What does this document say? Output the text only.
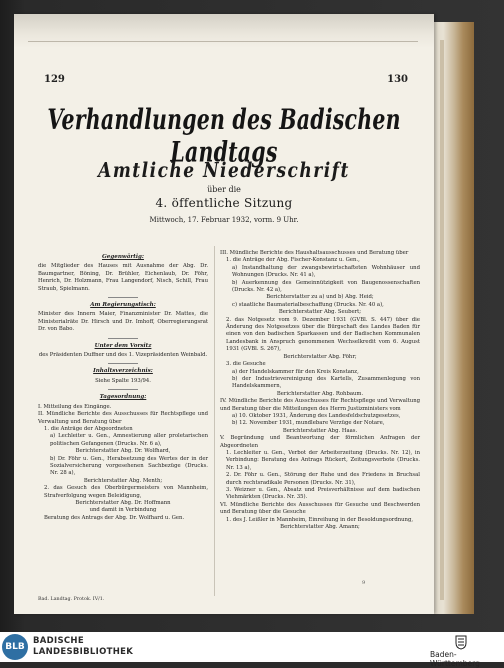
129	130
Verhandlungen des Badischen Landtags
Amtliche Niederschrift
über die
4. öffentliche Sitzung
Mittwoch, 17. Februar 1932, vorm. 9 Uhr.
Gegenwärtig:
die Mitglieder des Hauses mit Ausnahme der Abg. Dr. Baumgartner, Böning, Dr. Brühler, Eichenlaub, Dr. Föhr, Henrich, Dr. Holzmann, Frau Langendorf, Nisch, Schill, Frau Straub, Spielmann.
Am Regierungstisch:
Minister des Innern Maier, Finanzminister Dr. Mattes, die Ministerialräte Dr. Hirsch und Dr. Imhoff, Oberregierungsrat Dr. von Babo.
Unter dem Vorsitz
des Präsidenten Duffner und des 1. Vizepräsidenten Weinbald.
Inhaltsverzeichnis:
Siehe Spalte 193/94.
Tagesordnung:
I. Mitteilung des Eingänge.
II. Mündliche Berichte des Ausschusses für Rechtspflege und Verwaltung und Beratung über
1. die Anträge der Abgeordneten
a) Lechleiter u. Gen., Amnestierung aller proletarischen politischen Gefangenen (Drucks. Nr. 6 a),
Berichterstatter Abg. Dr. Wolfhard,
b) Dr. Föhr u. Gen., Herabsetzung des Wertes der in der Sozialversicherung vorgesehenen Sachbezüge (Drucks. Nr. 28 a),
Berichterstatter Abg. Menth;
2. das Gesuch des Oberbürgermeisters von Mannheim, Strafverfolgung wegen Beleidigung,
Berichterstatter Abg. Dr. Hoffmann
und damit in Verbindung
Beratung des Antrags der Abg. Dr. Wolfhard u. Gen.
III. Mündliche Berichte des Haushaltsausschusses und Beratung über
1. die Anträge der Abg. Fischer-Konstanz u. Gen.,
a) Instandhaltung der zwangsbewirtschafteten Wohnhäuser und Wohnungen (Drucks. Nr. 41 a),
b) Auerkennung des Gemeinnützigkeit von Baugenossenschaften (Drucks. Nr. 42 a),
Berichterstatter zu a) und b) Abg. Heid;
c) staatliche Baumaterialbeschaffung (Drucks. Nr. 40 a),
Berichterstatter Abg. Seubert;
2. das Notgesetz vom 9. Dezember 1931 (GVBl. S. 447) über die Änderung des Notgesetzes über die Bürgschaft des Landes Baden für einen von den badischen Sparkassen und der Badischen Kommunalen Landesbank in Anspruch genommenen Wechselkredit vom 6. August 1931 (GVBl. S. 267),
Berichterstatter Abg. Föhr;
3. die Gesuche
a) der Handelskammer für den Kreis Konstanz,
b) der Industrievereinigung des Kartells, Zusammenlegung von Handelskammern,
Berichterstatter Abg. Rohbaum.
IV. Mündliche Berichte des Ausschusses für Rechtspflege und Verwaltung und Beratung über die Mitteilungen des Herrn Justizministers vom
a) 10. Oktober 1931, Änderung des Landesfeldschutzgesetzes,
b) 12. November 1931, mundlebare Verzüge der Notare,
Berichterstatter Abg. Haas.
V. Begründung und Beantwortung der förmlichen Anfragen der Abgeordneten
1. Lechleiter u. Gen., Verbot der Arbeiterzeitung (Drucks. Nr. 12), in Verbindung: Beratung des Antrags Rückert, Zeitungsverbote (Drucks. Nr. 13 a),
2. Dr. Föhr u. Gen., Störung der Ruhe und des Friedens in Bruchsal durch rechtsradikale Personen (Drucks. Nr. 31),
3. Weizner u. Gen., Absatz und Preisverhältnisse auf dem badischen Viehmärkten (Drucks. Nr. 35).
VI. Mündliche Berichte des Ausschusses für Gesuche und Beschwerden und Beratung über die Gesuche
1. des J. Leißler in Mannheim, Einreihung in der Besoldungsordnung,
Berichterstatter Abg. Amann;
9
Bad. Landtag. Protok. IV/1.
BLB
BADISCHE
LANDESBIBLIOTHEK	Baden-Württemberg
